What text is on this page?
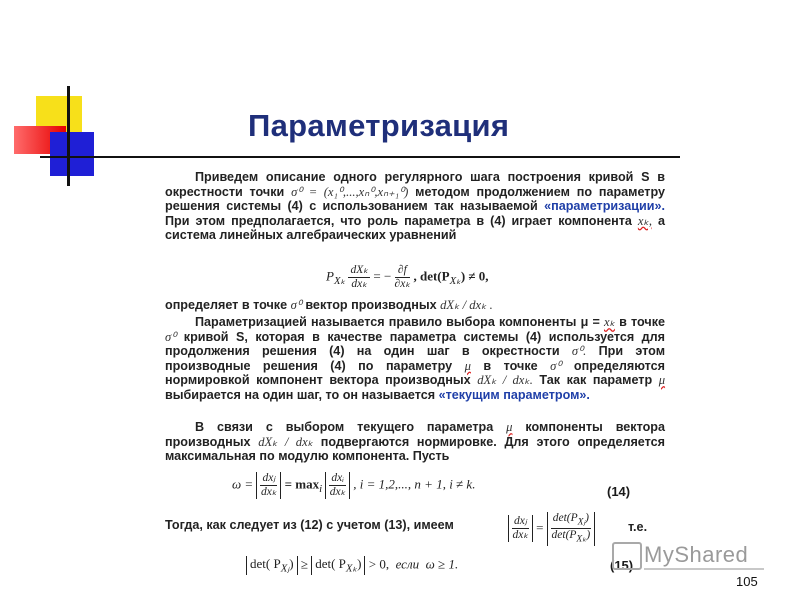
Параметризация
Приведем описание одного регулярного шага построения кривой S в окрестности точки σ⁰ = (x₁⁰,...,xₙ⁰,xₙ₊₁⁰) методом продолжением по параметру решения системы (4) с использованием так называемой «параметризации». При этом предполагается, что роль параметра в (4) играет компонента xₖ, а система линейных алгебраических уравнений
$P_{X_k} \frac{\text{dXₖ}}{\text{dxₖ}}$ = − $\frac{\partial f}{\text{∂xₖ}}$ , $\det(P_{X_k}) \ne 0$,
определяет в точке σ⁰ вектор производных dXₖ / dxₖ .
Параметризацией называется правило выбора компоненты μ = xₖ в точке σ⁰ кривой S, которая в качестве параметра системы (4) используется для продолжения решения (4) на один шаг в окрестности σ⁰. При этом производные решения (4) по параметру μ в точке σ⁰ определяются нормировкой компонент вектора производных dXₖ / dxₖ. Так как параметр μ выбирается на один шаг, то он называется «текущим параметром».
В связи с выбором текущего параметра μ компоненты вектора производных dXₖ / dxₖ подвергаются нормировке. Для этого определяется максимальная по модулю компонента. Пусть
$\omega = \frac{\text{dxⱼ}}{\text{dxₖ}} = \max_i \frac{\text{dxᵢ}}{\text{dxₖ}}$ , i = 1,2,..., n + 1, i ≠ k.
(14)
Тогда, как следует из (12) с учетом (13), имеем	$\frac{\text{dxⱼ}}{\text{dxₖ}} = \frac{\det(P_{Xⱼ})}{\det(P_{X_k})}$	т.е.
det( $P_{Xⱼ}) \ge \det$( $P_{X_k}) > 0$, если ω ≥ 1.	(15) MyShared
105
